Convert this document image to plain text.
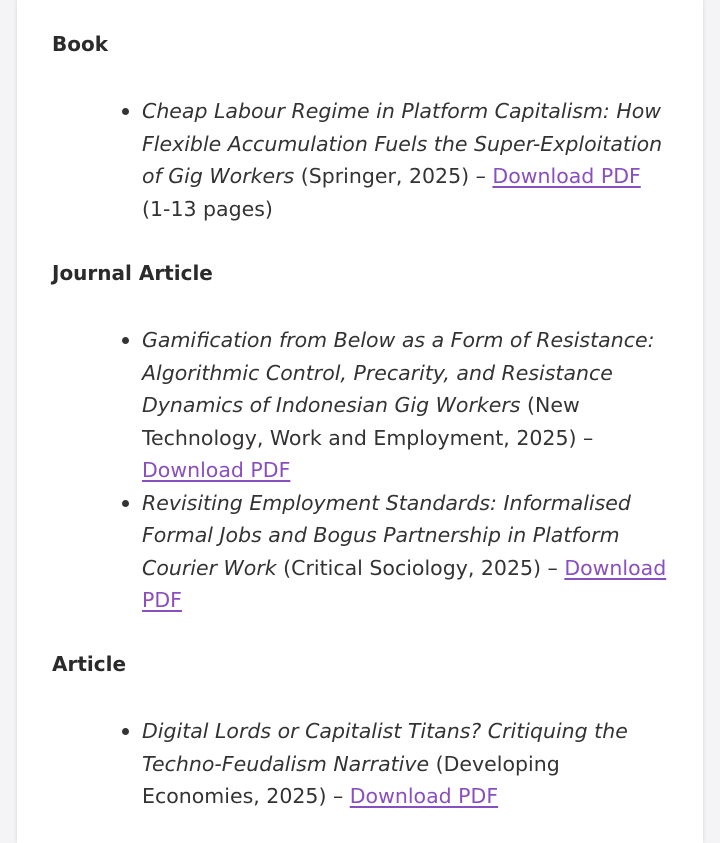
Book
Cheap Labour Regime in Platform Capitalism: How Flexible Accumulation Fuels the Super-Exploitation of Gig Workers (Springer, 2025) – Download PDF (1-13 pages)
Journal Article
Gamification from Below as a Form of Resistance: Algorithmic Control, Precarity, and Resistance Dynamics of Indonesian Gig Workers (New Technology, Work and Employment, 2025) – Download PDF
Revisiting Employment Standards: Informalised Formal Jobs and Bogus Partnership in Platform Courier Work (Critical Sociology, 2025) – Download PDF
Article
Digital Lords or Capitalist Titans? Critiquing the Techno-Feudalism Narrative (Developing Economies, 2025) – Download PDF
